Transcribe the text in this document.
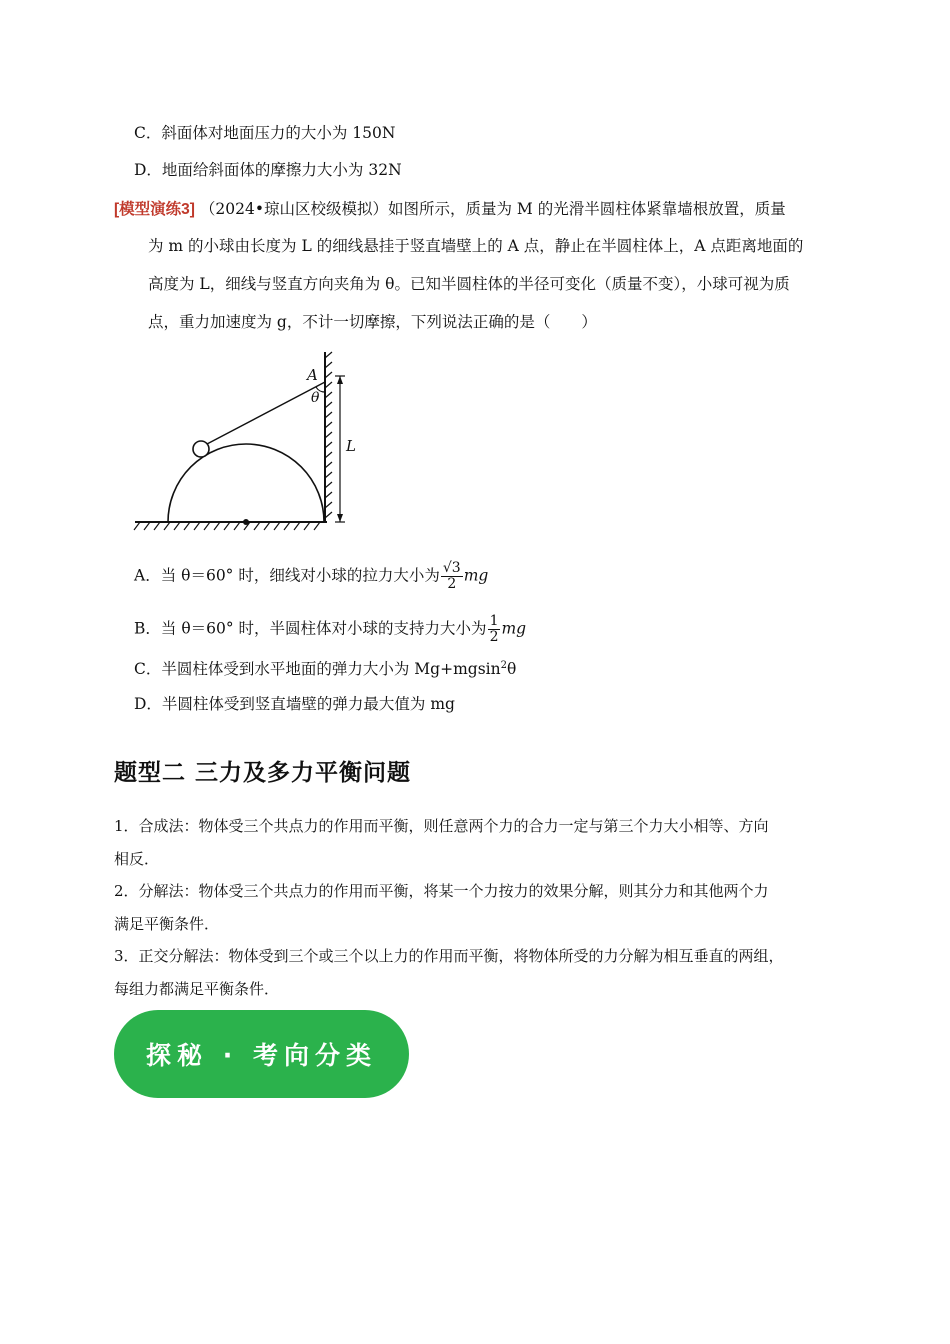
C．斜面体对地面压力的大小为 150N
D．地面给斜面体的摩擦力大小为 32N
[模型演练3] （2024•琼山区校级模拟）如图所示，质量为 M 的光滑半圆柱体紧靠墙根放置，质量
为 m 的小球由长度为 L 的细线悬挂于竖直墙壁上的 A 点，静止在半圆柱体上，A 点距离地面的
高度为 L，细线与竖直方向夹角为 θ。已知半圆柱体的半径可变化（质量不变），小球可视为质
点，重力加速度为 g，不计一切摩擦，下列说法正确的是（　　）
A
θ
L
A．当 θ＝60° 时，细线对小球的拉力大小为 $\frac{√3}{2}$ mg
B．当 θ＝60° 时，半圆柱体对小球的支持力大小为 $\frac{1}{2}$ mg
C．半圆柱体受到水平地面的弹力大小为 Mg+mgsin$^2$θ
D．半圆柱体受到竖直墙壁的弹力最大值为 mg
题型二 三力及多力平衡问题
1．合成法：物体受三个共点力的作用而平衡，则任意两个力的合力一定与第三个力大小相等、方向
相反．
2．分解法：物体受三个共点力的作用而平衡，将某一个力按力的效果分解，则其分力和其他两个力
满足平衡条件．
3．正交分解法：物体受到三个或三个以上力的作用而平衡，将物体所受的力分解为相互垂直的两组，
每组力都满足平衡条件．
探秘 · 考向分类
